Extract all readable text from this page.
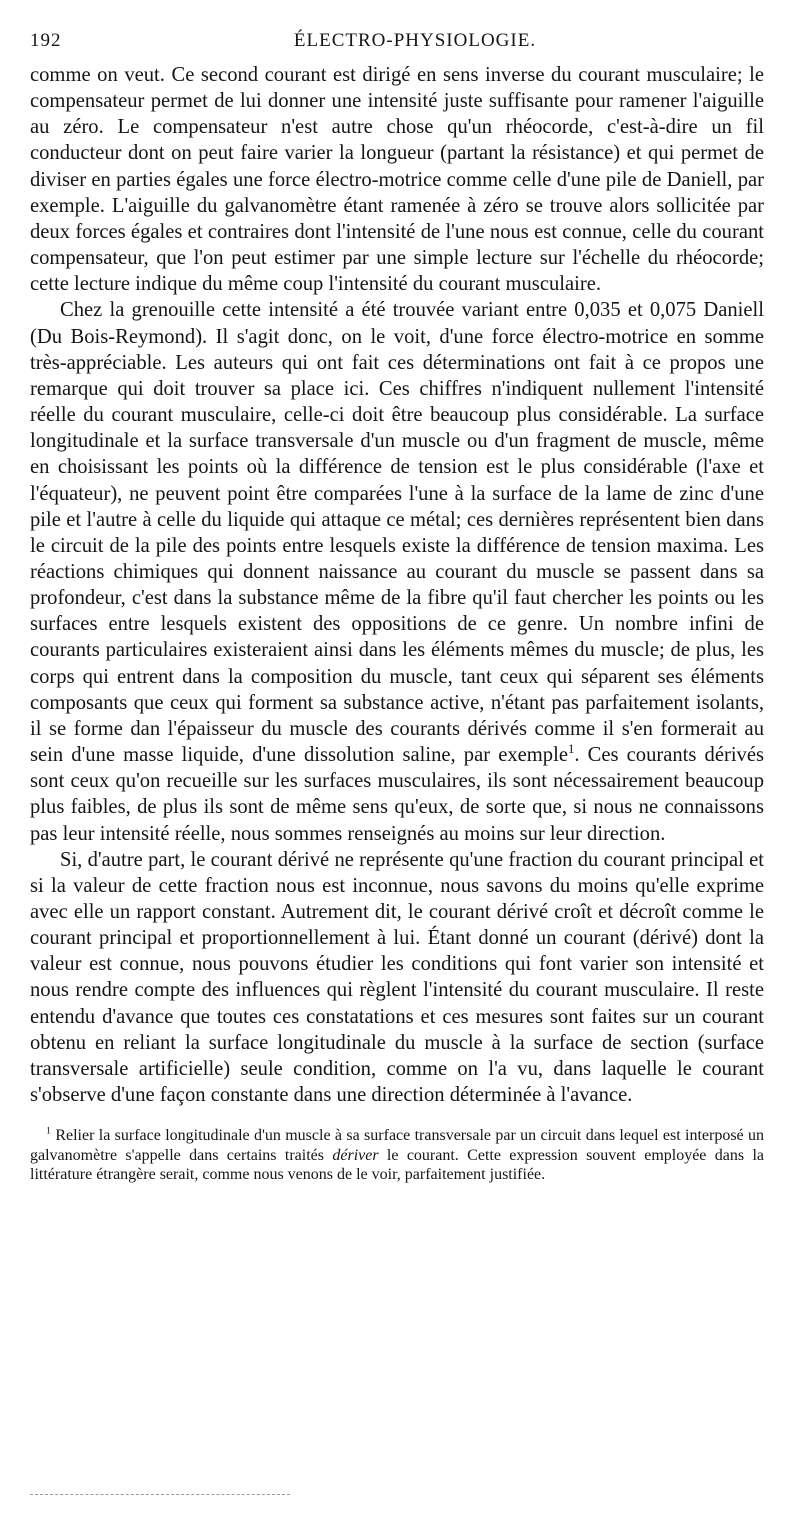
192	ÉLECTRO-PHYSIOLOGIE.

comme on veut. Ce second courant est dirigé en sens inverse du courant musculaire; le compensateur permet de lui donner une intensité juste suffisante pour ramener l'aiguille au zéro. Le compensateur n'est autre chose qu'un rhéocorde, c'est-à-dire un fil conducteur dont on peut faire varier la longueur (partant la résistance) et qui permet de diviser en parties égales une force électro-motrice comme celle d'une pile de Daniell, par exemple. L'aiguille du galvanomètre étant ramenée à zéro se trouve alors sollicitée par deux forces égales et contraires dont l'intensité de l'une nous est connue, celle du courant compensateur, que l'on peut estimer par une simple lecture sur l'échelle du rhéocorde; cette lecture indique du même coup l'intensité du courant musculaire.

Chez la grenouille cette intensité a été trouvée variant entre 0,035 et 0,075 Daniell (Du Bois-Reymond). Il s'agit donc, on le voit, d'une force électro-motrice en somme très-appréciable. Les auteurs qui ont fait ces déterminations ont fait à ce propos une remarque qui doit trouver sa place ici. Ces chiffres n'indiquent nullement l'intensité réelle du courant musculaire, celle-ci doit être beaucoup plus considérable. La surface longitudinale et la surface transversale d'un muscle ou d'un fragment de muscle, même en choisissant les points où la différence de tension est le plus considérable (l'axe et l'équateur), ne peuvent point être comparées l'une à la surface de la lame de zinc d'une pile et l'autre à celle du liquide qui attaque ce métal; ces dernières représentent bien dans le circuit de la pile des points entre lesquels existe la différence de tension maxima. Les réactions chimiques qui donnent naissance au courant du muscle se passent dans sa profondeur, c'est dans la substance même de la fibre qu'il faut chercher les points ou les surfaces entre lesquels existent des oppositions de ce genre. Un nombre infini de courants particulaires existeraient ainsi dans les éléments mêmes du muscle; de plus, les corps qui entrent dans la composition du muscle, tant ceux qui séparent ses éléments composants que ceux qui forment sa substance active, n'étant pas parfaitement isolants, il se forme dan l'épaisseur du muscle des courants dérivés comme il s'en formerait au sein d'une masse liquide, d'une dissolution saline, par exemple$^1$. Ces courants dérivés sont ceux qu'on recueille sur les surfaces musculaires, ils sont nécessairement beaucoup plus faibles, de plus ils sont de même sens qu'eux, de sorte que, si nous ne connaissons pas leur intensité réelle, nous sommes renseignés au moins sur leur direction.

Si, d'autre part, le courant dérivé ne représente qu'une fraction du courant principal et si la valeur de cette fraction nous est inconnue, nous savons du moins qu'elle exprime avec elle un rapport constant. Autrement dit, le courant dérivé croît et décroît comme le courant principal et proportionnellement à lui. Étant donné un courant (dérivé) dont la valeur est connue, nous pouvons étudier les conditions qui font varier son intensité et nous rendre compte des influences qui règlent l'intensité du courant musculaire. Il reste entendu d'avance que toutes ces constatations et ces mesures sont faites sur un courant obtenu en reliant la surface longitudinale du muscle à la surface de section (surface transversale artificielle) seule condition, comme on l'a vu, dans laquelle le courant s'observe d'une façon constante dans une direction déterminée à l'avance.

$^1$ Relier la surface longitudinale d'un muscle à sa surface transversale par un circuit dans lequel est interposé un galvanomètre s'appelle dans certains traités dériver le courant. Cette expression souvent employée dans la littérature étrangère serait, comme nous venons de le voir, parfaitement justifiée.
